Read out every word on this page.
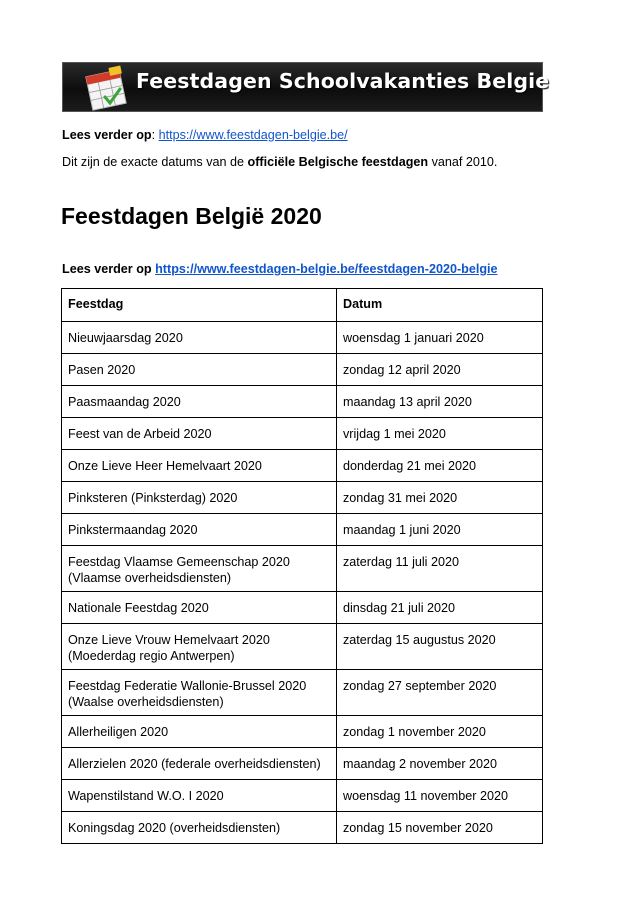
Feestdagen Schoolvakanties Belgie
Lees verder op: https://www.feestdagen-belgie.be/
Dit zijn de exacte datums van de officiële Belgische feestdagen vanaf 2010.
Feestdagen België 2020
Lees verder op https://www.feestdagen-belgie.be/feestdagen-2020-belgie
Feestdag	Datum

Nieuwjaarsdag 2020	woensdag 1 januari 2020

Pasen 2020	zondag 12 april 2020

Paasmaandag 2020	maandag 13 april 2020

Feest van de Arbeid 2020	vrijdag 1 mei 2020

Onze Lieve Heer Hemelvaart 2020	donderdag 21 mei 2020

Pinksteren (Pinksterdag) 2020	zondag 31 mei 2020

Pinkstermaandag 2020	maandag 1 juni 2020

Feestdag Vlaamse Gemeenschap 2020
(Vlaamse overheidsdiensten)	zaterdag 11 juli 2020

Nationale Feestdag 2020	dinsdag 21 juli 2020

Onze Lieve Vrouw Hemelvaart 2020
(Moederdag regio Antwerpen)	zaterdag 15 augustus 2020

Feestdag Federatie Wallonie-Brussel 2020
(Waalse overheidsdiensten)	zondag 27 september 2020

Allerheiligen 2020	zondag 1 november 2020

Allerzielen 2020 (federale overheidsdiensten)	maandag 2 november 2020

Wapenstilstand W.O. I 2020	woensdag 11 november 2020

Koningsdag 2020 (overheidsdiensten)	zondag 15 november 2020
